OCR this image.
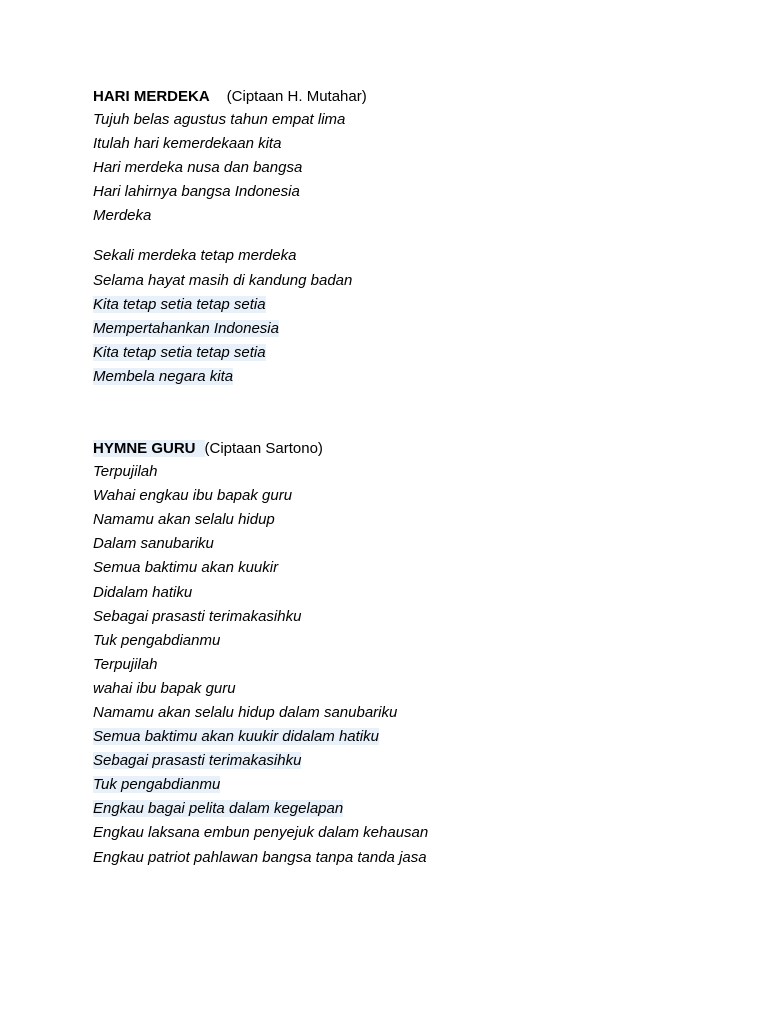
HARI MERDEKA (Ciptaan H. Mutahar)
Tujuh belas agustus tahun empat lima
Itulah hari kemerdekaan kita
Hari merdeka nusa dan bangsa
Hari lahirnya bangsa Indonesia
Merdeka
Sekali merdeka tetap merdeka
Selama hayat masih di kandung badan
Kita tetap setia tetap setia
Mempertahankan Indonesia
Kita tetap setia tetap setia
Membela negara kita
HYMNE GURU (Ciptaan Sartono)
Terpujilah
Wahai engkau ibu bapak guru
Namamu akan selalu hidup
Dalam sanubariku
Semua baktimu akan kuukir
Didalam hatiku
Sebagai prasasti terimakasihku
Tuk pengabdianmu
Terpujilah
wahai ibu bapak guru
Namamu akan selalu hidup dalam sanubariku
Semua baktimu akan kuukir didalam hatiku
Sebagai prasasti terimakasihku
Tuk pengabdianmu
Engkau bagai pelita dalam kegelapan
Engkau laksana embun penyejuk dalam kehausan
Engkau patriot pahlawan bangsa tanpa tanda jasa
